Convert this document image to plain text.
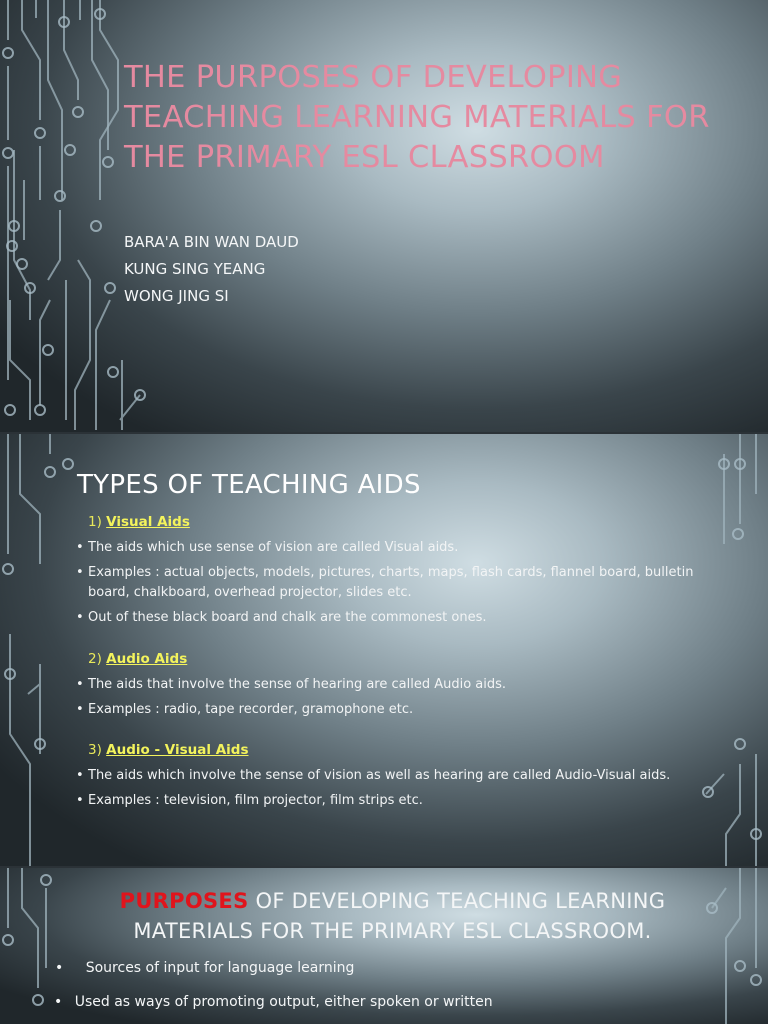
THE PURPOSES OF DEVELOPING TEACHING LEARNING MATERIALS FOR THE PRIMARY ESL CLASSROOM
BARA'A BIN WAN DAUD
KUNG SING YEANG
WONG JING SI
TYPES OF TEACHING AIDS
1) Visual Aids
• The aids which use sense of vision are called Visual aids.
• Examples : actual objects, models, pictures, charts, maps, flash cards, flannel board, bulletin board, chalkboard, overhead projector, slides etc.
• Out of these black board and chalk are the commonest ones.
2) Audio Aids
• The aids that involve the sense of hearing are called Audio aids.
• Examples : radio, tape recorder, gramophone etc.
3) Audio - Visual Aids
• The aids which involve the sense of vision as well as hearing are called Audio-Visual aids.
• Examples : television, film projector, film strips etc.
PURPOSES OF DEVELOPING TEACHING LEARNING MATERIALS FOR THE PRIMARY ESL CLASSROOM.
• Sources of input for language learning
• Used as ways of promoting output, either spoken or written
